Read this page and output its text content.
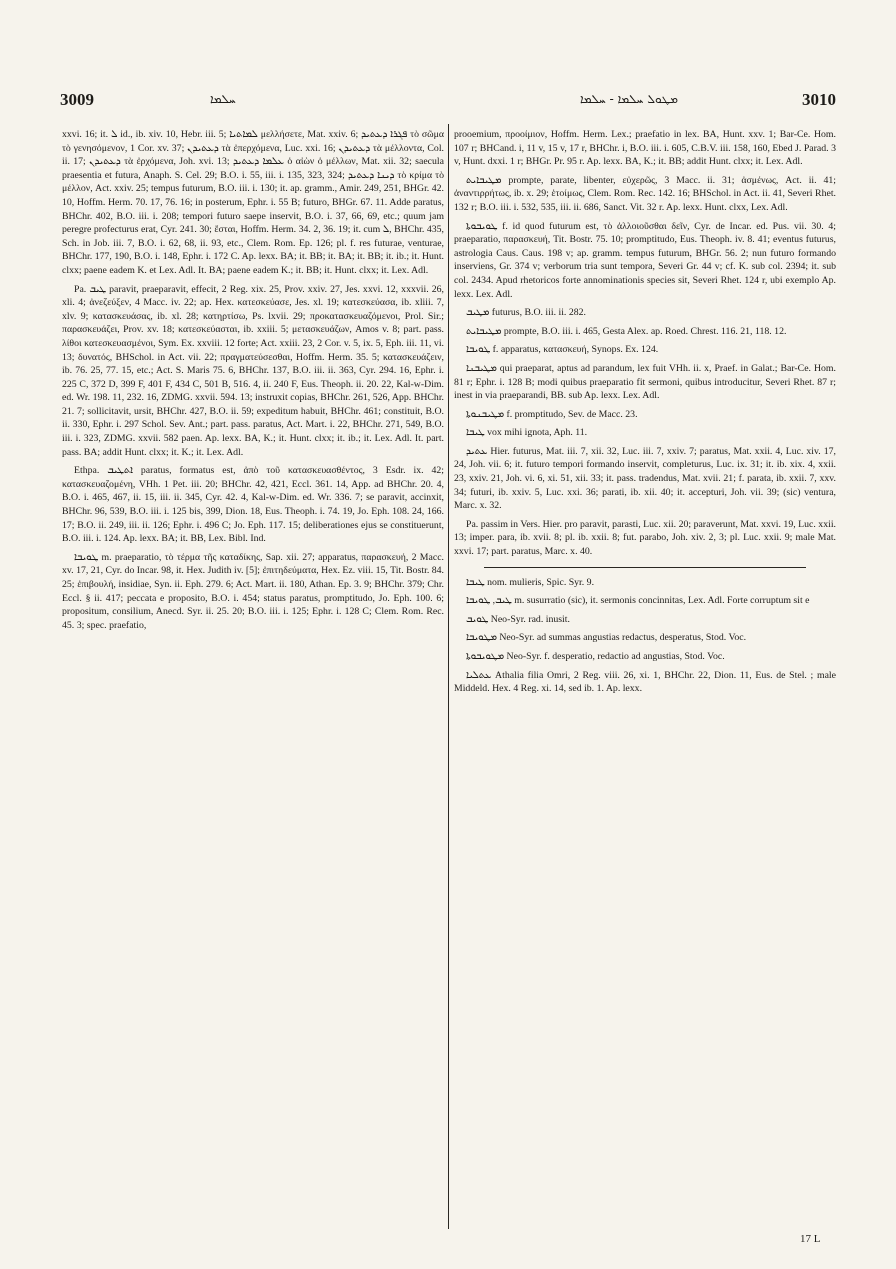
3009	ܚܠܡܐ	ܡܛܘܠ ܚܠܡܐ - ܚܠܡܐ	3010

xxvi. 16; it. ܠ id., ib. xiv. 10, Hebr. iii. 5; ܠܡܐܬܝܐ μελλήσετε, Mat. xxiv. 6; ܦܓܪܐ ܕܥܬܝܕ τὸ σῶμα τὸ γενησόμενον, 1 Cor. xv. 37; ܕܥܬܝܕܢ τὰ ἐπερχόμενα, Luc. xxi. 16; ܕܥܬܝܕܢ τὰ μέλλοντα, Col. ii. 17; ܕܥܬܝܕܢ τὰ ἐρχόμενα, Joh. xvi. 13; ܥܠܡܐ ܕܥܬܝܕ ὁ αἰὼν ὁ μέλλων, Mat. xii. 32; saecula praesentia et futura, Anaph. S. Cel. 29; B.O. i. 55, iii. i. 135, 323, 324; ܕܝܢܐ ܕܥܬܝܕ τὸ κρίμα τὸ μέλλον, Act. xxiv. 25; tempus futurum, B.O. iii. i. 130; it. ap. gramm., Amir. 249, 251, BHGr. 42. 10, Hoffm. Herm. 70. 17, 76. 16; in posterum, Ephr. i. 55 B; futuro, BHGr. 67. 11. Adde paratus, BHChr. 402, B.O. iii. i. 208; tempori futuro saepe inservit, B.O. i. 37, 66, 69, etc.; quum jam peregre profecturus erat, Cyr. 241. 30; ἔσται, Hoffm. Herm. 34. 2, 36. 19; it. cum ܠ, BHChr. 435, Sch. in Job. iii. 7, B.O. i. 62, 68, ii. 93, etc., Clem. Rom. Ep. 126; pl. f. res futurae, venturae, BHChr. 177, 190, B.O. i. 148, Ephr. i. 172 C. Ap. lexx. BA; it. BB; it. BA; it. BB; it. ib.; it. Hunt. clxx; paene eadem K. et Lex. Adl. It. BA; paene eadem K.; it. BB; it. Hunt. clxx; it. Lex. Adl.

Pa. ܛܝܒ paravit, praeparavit, effecit, 2 Reg. xix. 25, Prov. xxiv. 27, Jes. xxvi. 12, xxxvii. 26, xli. 4; ἀνεζεύξεν, 4 Macc. iv. 22; ap. Hex. κατεσκεύασε, Jes. xl. 19; κατεσκεύασα, ib. xliii. 7, xlv. 9; κατασκευάσας, ib. xl. 28; κατηρτίσω, Ps. lxvii. 29; προκατασκευαζόμενοι, Prol. Sir.; παρασκευάζει, Prov. xv. 18; κατεσκεύασται, ib. xxiii. 5; μετασκευάζων, Amos v. 8; part. pass. λίθοι κατεσκευασμένοι, Sym. Ex. xxviii. 12 forte; Act. xxiii. 23, 2 Cor. v. 5, ix. 5, Eph. iii. 11, vi. 13; δυνατός, BHSchol. in Act. vii. 22; πραγματεύσεσθαι, Hoffm. Herm. 35. 5; κατασκευάζειν, ib. 76. 25, 77. 15, etc.; Act. S. Maris 75. 6, BHChr. 137, B.O. iii. ii. 363, Cyr. 294. 16, Ephr. i. 225 C, 372 D, 399 F, 401 F, 434 C, 501 B, 516. 4, ii. 240 F, Eus. Theoph. ii. 20. 22, Kal-w-Dim. ed. Wr. 198. 11, 232. 16, ZDMG. xxvii. 594. 13; instruxit copias, BHChr. 261, 526, App. BHChr. 21. 7; sollicitavit, ursit, BHChr. 427, B.O. ii. 59; expeditum habuit, BHChr. 461; constituit, B.O. ii. 330, Ephr. i. 297 Schol. Sev. Ant.; part. pass. paratus, Act. Mart. i. 22, BHChr. 271, 549, B.O. iii. i. 323, ZDMG. xxvii. 582 paen. Ap. lexx. BA, K.; it. Hunt. clxx; it. ib.; it. Lex. Adl. It. part. pass. BA; addit Hunt. clxx; it. K.; it. Lex. Adl.

Ethpa. ܐܬܛܝܒ paratus, formatus est, ἀπὸ τοῦ κατασκευασθέντος, 3 Esdr. ix. 42; κατασκευαζομένη, VHh. 1 Pet. iii. 20; BHChr. 42, 421, Eccl. 361. 14, App. ad BHChr. 20. 4, B.O. i. 465, 467, ii. 15, iii. ii. 345, Cyr. 42. 4, Kal-w-Dim. ed. Wr. 336. 7; se paravit, accinxit, BHChr. 96, 539, B.O. iii. i. 125 bis, 399, Dion. 18, Eus. Theoph. i. 74. 19, Jo. Eph. 108. 24, 166. 17; B.O. ii. 249, iii. ii. 126; Ephr. i. 496 C; Jo. Eph. 117. 15; deliberationes ejus se constituerunt, B.O. iii. i. 124. Ap. lexx. BA; it. BB, Lex. Bibl. Ind.

ܛܘܝܒܐ m. praeparatio, τὸ τέρμα τῆς καταδίκης, Sap. xii. 27; apparatus, παρασκευή, 2 Macc. xv. 17, 21, Cyr. do Incar. 98, it. Hex. Judith iv. [5]; ἐπιτηδεύματα, Hex. Ez. viii. 15, Tit. Bostr. 84. 25; ἐπιβουλή, insidiae, Syn. ii. Eph. 279. 6; Act. Mart. ii. 180, Athan. Ep. 3. 9; BHChr. 379; Chr. Eccl. § ii. 417; peccata e proposito, B.O. i. 454; status paratus, promptitudo, Jo. Eph. 100. 6; propositum, consilium, Anecd. Syr. ii. 25. 20; B.O. iii. i. 125; Ephr. i. 128 C; Clem. Rom. Rec. 45. 3; spec. praefatio,

prooemium, προοίμιον, Hoffm. Herm. Lex.; praefatio in lex. BA, Hunt. xxv. 1; Bar-Ce. Hom. 107 r; BHCand. i, 11 v, 15 v, 17 r, BHChr. i, B.O. iii. i. 605, C.B.V. iii. 158, 160, Ebed J. Parad. 3 v, Hunt. dxxi. 1 r; BHGr. Pr. 95 r. Ap. lexx. BA, K.; it. BB; addit Hunt. clxx; it. Lex. Adl.

ܡܛܝܒܐܝܬ prompte, parate, libenter, εὐχερῶς, 3 Macc. ii. 31; ἀσμένως, Act. ii. 41; ἀναντιρρήτως, ib. x. 29; ἑτοίμως, Clem. Rom. Rec. 142. 16; BHSchol. in Act. ii. 41, Severi Rhet. 132 r; B.O. iii. i. 532, 535, iii. ii. 686, Sanct. Vit. 32 r. Ap. lexx. Hunt. clxx, Lex. Adl.

ܛܘܝܒܘܬܐ f. id quod futurum est, τὸ ἀλλοιοῦσθαι δεῖν, Cyr. de Incar. ed. Pus. vii. 30. 4; praeparatio, παρασκευή, Tit. Bostr. 75. 10; promptitudo, Eus. Theoph. iv. 8. 41; eventus futurus, astrologia Caus. Caus. 198 v; ap. gramm. tempus futurum, BHGr. 56. 2; nun futuro formando inserviens, Gr. 374 v; verborum tria sunt tempora, Severi Gr. 44 v; cf. K. sub col. 2394; it. sub col. 2434. Apud rhetoricos forte annominationis species sit, Severi Rhet. 124 r, ubi exemplo Ap. lexx. Lex. Adl.

ܡܛܝܒ futurus, B.O. iii. ii. 282.

ܡܛܝܒܐܝܬ prompte, B.O. iii. i. 465, Gesta Alex. ap. Roed. Chrest. 116. 21, 118. 12.

ܛܘܝܒܐ f. apparatus, κατασκευή, Synops. Ex. 124.

ܡܛܝܒܢܐ qui praeparat, aptus ad parandum, lex fuit VHh. ii. x, Praef. in Galat.; Bar-Ce. Hom. 81 r; Ephr. i. 128 B; modi quibus praeparatio fit sermoni, quibus introducitur, Severi Rhet. 87 r; inest in via praeparandi, BB. sub Ap. lexx. Lex. Adl.

ܡܛܝܒܢܘܬܐ f. promptitudo, Sev. de Macc. 23.

ܛܝܒܐ vox mihi ignota, Aph. 11.

ܥܬܝܕ Hier. futurus, Mat. iii. 7, xii. 32, Luc. iii. 7, xxiv. 7; paratus, Mat. xxii. 4, Luc. xiv. 17, 24, Joh. vii. 6; it. futuro tempori formando inservit, completurus, Luc. ix. 31; it. ib. xix. 4, xxii. 23, xxiv. 21, Joh. vi. 6, xi. 51, xii. 33; it. pass. tradendus, Mat. xvii. 21; f. parata, ib. xxii. 7, xxv. 34; futuri, ib. xxiv. 5, Luc. xxi. 36; parati, ib. xii. 40; it. accepturi, Joh. vii. 39; (sic) ventura, Marc. x. 32.

Pa. passim in Vers. Hier. pro paravit, parasti, Luc. xii. 20; paraverunt, Mat. xxvi. 19, Luc. xxii. 13; imper. para, ib. xvii. 8; pl. ib. xxii. 8; fut. parabo, Joh. xiv. 2, 3; pl. Luc. xxii. 9; male Mat. xxvi. 17; part. paratus, Marc. x. 40.

ܛܝܒܐ nom. mulieris, Spic. Syr. 9.

ܛܝܒ, ܛܘܝܒܐ m. susurratio (sic), it. sermonis concinnitas, Lex. Adl. Forte corruptum sit e

ܛܘܝܒ Neo-Syr. rad. inusit.

ܡܛܘܝܒܐ Neo-Syr. ad summas angustias redactus, desperatus, Stod. Voc.

ܡܛܘܝܒܘܬܐ Neo-Syr. f. desperatio, redactio ad angustias, Stod. Voc.

ܥܬܠܝܐ Athalia filia Omri, 2 Reg. viii. 26, xi. 1, BHChr. 22, Dion. 11, Eus. de Stel. ; male Middeld. Hex. 4 Reg. xi. 14, sed ib. 1. Ap. lexx.

17 L
